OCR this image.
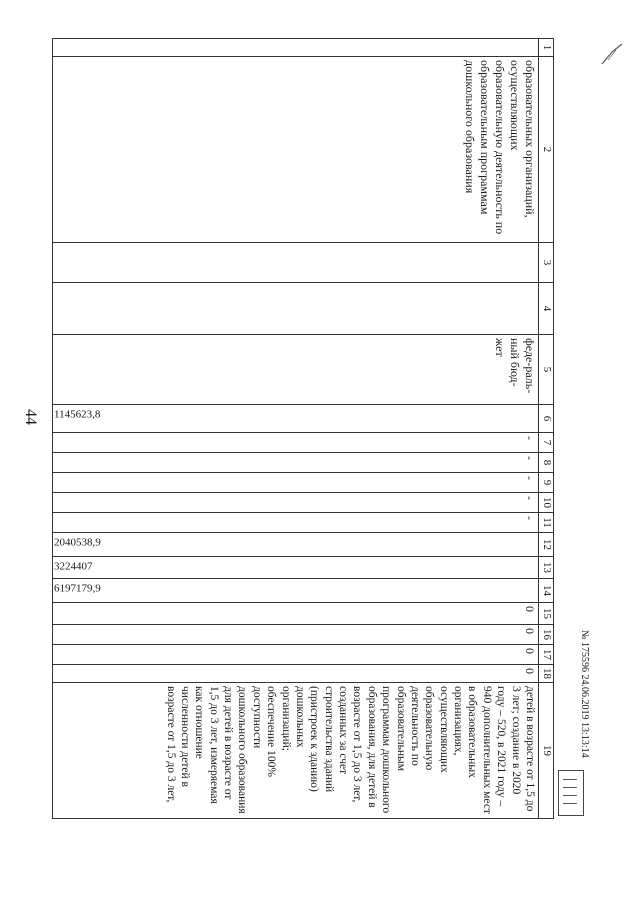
44
1	2	3	4	5	6	7	8	9	10	11	12	13	14	15	16	17	18	19
	образовательных организаций, осуществляющих образовательную деятельность по образовательным программам дошкольного образования			феде-раль-ный бюд-жет	1145623,8	-	-	-	-	-	2040538,9	3224407	6197179,9	0	0	0	0	детей в возрасте от 1,5 до 3 лет; создание в 2020 году – 520, в 2021 году – 940 дополнительных мест в образовательных организациях, осуществляющих образовательную деятельность по образовательным программам дошкольного образования, для детей в возрасте от 1,5 до 3 лет, созданных за счет строительства зданий (пристроек к зданию) дошкольных организаций; обеспечение 100% доступности дошкольного образования для детей в возрасте от 1,5 до 3 лет, измеряемая как отношение численности детей в возрасте от 1,5 до 3 лет,	№ 175596 24.06.2019 13:13:14
